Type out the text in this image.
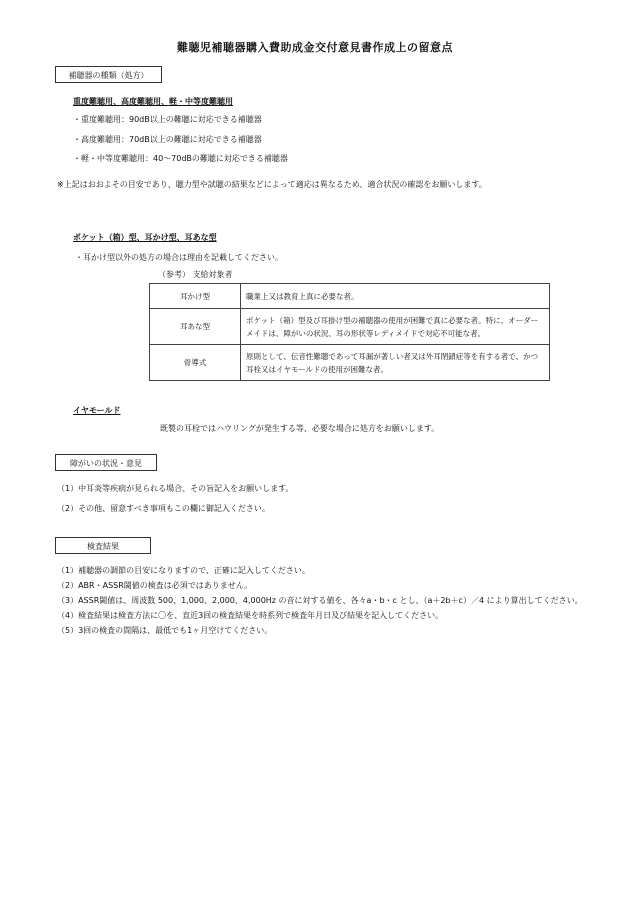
難聴児補聴器購入費助成金交付意見書作成上の留意点
補聴器の種類（処方）
重度難聴用、高度難聴用、軽・中等度難聴用
・重度難聴用：90dB以上の難聴に対応できる補聴器
・高度難聴用：70dB以上の難聴に対応できる補聴器
・軽・中等度難聴用：40～70dBの難聴に対応できる補聴器
※上記はおおよその目安であり、聴力型や試聴の結果などによって適応は異なるため、適合状況の確認をお願いします。
ポケット（箱）型、耳かけ型、耳あな型
・耳かけ型以外の処方の場合は理由を記載してください。
（参考） 支給対象者
耳かけ型	職業上又は教育上真に必要な者。
耳あな型	ポケット（箱）型及び耳掛け型の補聴器の使用が困難で真に必要な者。特に、オーダーメイドは、障がいの状況、耳の形状等レディメイドで対応不可能な者。
骨導式	原則として、伝音性難聴であって耳漏が著しい者又は外耳閉鎖症等を有する者で、かつ耳栓又はイヤモールドの使用が困難な者。
イヤモールド
既製の耳栓ではハウリングが発生する等、必要な場合に処方をお願いします。
障がいの状況・意見
（1）中耳炎等疾病が見られる場合、その旨記入をお願いします。
（2）その他、留意すべき事項もこの欄に御記入ください。
検査結果
（1）補聴器の調節の目安になりますので、正確に記入してください。
（2）ABR・ASSR閾値の検査は必須ではありません。
（3）ASSR閾値は、周波数 500、1,000、2,000、4,000Hz の音に対する値を、各々a・b・c とし、（a＋2b＋c）／4 により算出してください。
（4）検査結果は検査方法に〇を、直近3回の検査結果を時系列で検査年月日及び結果を記入してください。
（5）3回の検査の間隔は、最低でも1ヶ月空けてください。
